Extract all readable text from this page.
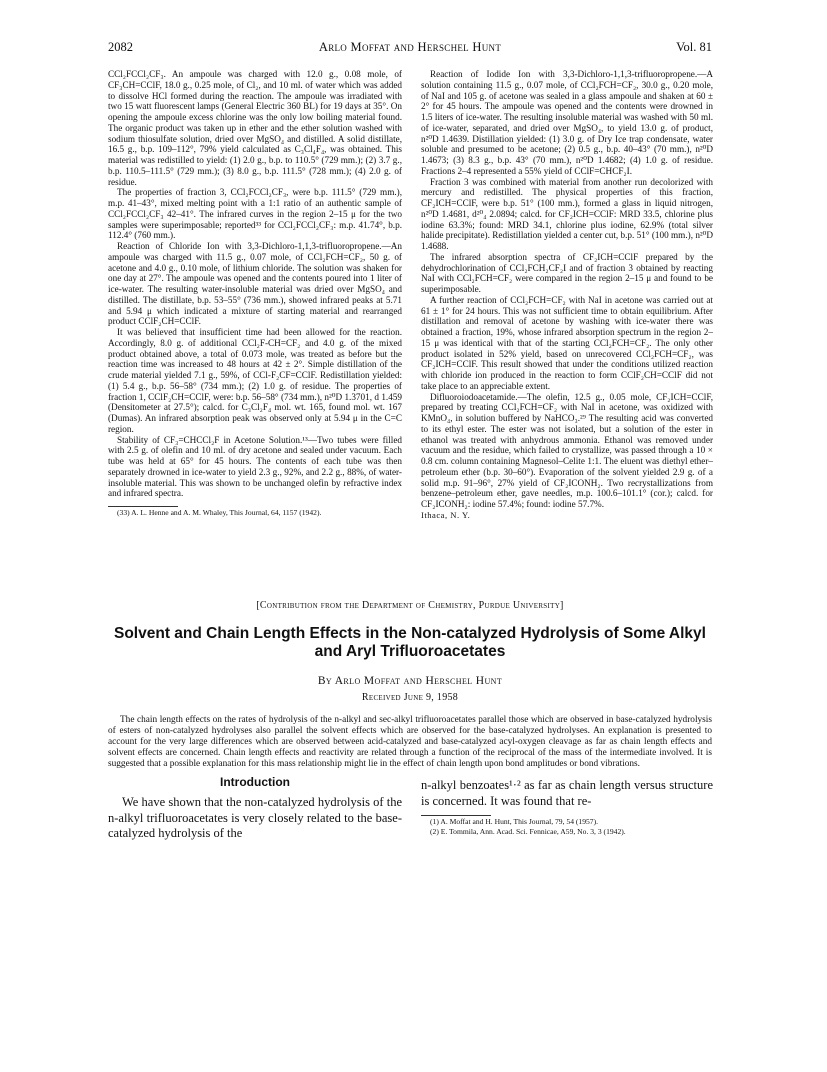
2082	Arlo Moffat and Herschel Hunt	Vol. 81

CCl₂FCCl₂CF₃. An ampoule was charged with 12.0 g., 0.08 mole, of CF₃CH=CClF, 18.0 g., 0.25 mole, of Cl₂, and 10 ml. of water which was added to dissolve HCl formed during the reaction. The ampoule was irradiated with two 15 watt fluorescent lamps (General Electric 360 BL) for 19 days at 35°. On opening the ampoule excess chlorine was the only low boiling material found. The organic product was taken up in ether and the ether solution washed with sodium thiosulfate solution, dried over MgSO₄ and distilled. A solid distillate, 16.5 g., b.p. 109–112°, 79% yield calculated as C₃Cl₄F₄, was obtained. This material was redistilled to yield: (1) 2.0 g., b.p. to 110.5° (729 mm.); (2) 3.7 g., b.p. 110.5–111.5° (729 mm.); (3) 8.0 g., b.p. 111.5° (728 mm.); (4) 2.0 g. of residue.

The properties of fraction 3, CCl₂FCCl₂CF₃, were b.p. 111.5° (729 mm.), m.p. 41–43°, mixed melting point with a 1:1 ratio of an authentic sample of CCl₂FCCl₂CF₃ 42–41°. The infrared curves in the region 2–15 μ for the two samples were superimposable; reported³³ for CCl₂FCCl₂CF₃: m.p. 41.74°, b.p. 112.4° (760 mm.).

Reaction of Chloride Ion with 3,3-Dichloro-1,1,3-trifluoropropene.—An ampoule was charged with 11.5 g., 0.07 mole, of CCl₂FCH=CF₂, 50 g. of acetone and 4.0 g., 0.10 mole, of lithium chloride. The solution was shaken for one day at 27°. The ampoule was opened and the contents poured into 1 liter of ice-water. The resulting water-insoluble material was dried over MgSO₄ and distilled. The distillate, b.p. 53–55° (736 mm.), showed infrared peaks at 5.71 and 5.94 μ which indicated a mixture of starting material and rearranged product CClF₂CH=CClF.

It was believed that insufficient time had been allowed for the reaction. Accordingly, 8.0 g. of additional CCl₂F-CH=CF₂ and 4.0 g. of the mixed product obtained above, a total of 0.073 mole, was treated as before but the reaction time was increased to 48 hours at 42 ± 2°. Simple distillation of the crude material yielded 7.1 g., 59%, of CCl-F₂CF=CClF. Redistillation yielded: (1) 5.4 g., b.p. 56–58° (734 mm.); (2) 1.0 g. of residue. The properties of fraction 1, CClF₂CH=CClF, were: b.p. 56–58° (734 mm.), n²⁰D 1.3701, d 1.459 (Densitometer at 27.5°); calcd. for C₃Cl₂F₄ mol. wt. 165, found mol. wt. 167 (Dumas). An infrared absorption peak was observed only at 5.94 μ in the C=C region.

Stability of CF₃=CHCCl₂F in Acetone Solution.¹³—Two tubes were filled with 2.5 g. of olefin and 10 ml. of dry acetone and sealed under vacuum. Each tube was held at 65° for 45 hours. The contents of each tube was then separately drowned in ice-water to yield 2.3 g., 92%, and 2.2 g., 88%, of water-insoluble material. This was shown to be unchanged olefin by refractive index and infrared spectra.

(33) A. L. Henne and A. M. Whaley, This Journal, 64, 1157 (1942).

Reaction of Iodide Ion with 3,3-Dichloro-1,1,3-trifluoropropene.—A solution containing 11.5 g., 0.07 mole, of CCl₂FCH=CF₂, 30.0 g., 0.20 mole, of NaI and 105 g. of acetone was sealed in a glass ampoule and shaken at 60 ± 2° for 45 hours. The ampoule was opened and the contents were drowned in 1.5 liters of ice-water. The resulting insoluble material was washed with 50 ml. of ice-water, separated, and dried over MgSO₄, to yield 13.0 g. of product, n²⁰D 1.4639. Distillation yielded: (1) 3.0 g. of Dry Ice trap condensate, water soluble and presumed to be acetone; (2) 0.5 g., b.p. 40–43° (70 mm.), n²⁰D 1.4673; (3) 8.3 g., b.p. 43° (70 mm.), n²⁰D 1.4682; (4) 1.0 g. of residue. Fractions 2–4 represented a 55% yield of CClF=CHCF₂I.

Fraction 3 was combined with material from another run decolorized with mercury and redistilled. The physical properties of this fraction, CF₂ICH=CClF, were b.p. 51° (100 mm.), formed a glass in liquid nitrogen, n²⁰D 1.4681, d²⁰₄ 2.0894; calcd. for CF₂ICH=CClF: MRD 33.5, chlorine plus iodine 63.3%; found: MRD 34.1, chlorine plus iodine, 62.9% (total silver halide precipitate). Redistillation yielded a center cut, b.p. 51° (100 mm.), n²⁰D 1.4688.

The infrared absorption spectra of CF₂ICH=CClF prepared by the dehydrochlorination of CCl₂FCH₂CF₂I and of fraction 3 obtained by reacting NaI with CCl₂FCH=CF₂ were compared in the region 2–15 μ and found to be superimposable.

A further reaction of CCl₂FCH=CF₂ with NaI in acetone was carried out at 61 ± 1° for 24 hours. This was not sufficient time to obtain equilibrium. After distillation and removal of acetone by washing with ice-water there was obtained a fraction, 19%, whose infrared absorption spectrum in the region 2–15 μ was identical with that of the starting CCl₂FCH=CF₂. The only other product isolated in 52% yield, based on unrecovered CCl₂FCH=CF₂, was CF₂ICH=CClF. This result showed that under the conditions utilized reaction with chloride ion produced in the reaction to form CClF₂CH=CClF did not take place to an appreciable extent.

Difluoroiodoacetamide.—The olefin, 12.5 g., 0.05 mole, CF₂ICH=CClF, prepared by treating CCl₂FCH=CF₂ with NaI in acetone, was oxidized with KMnO₄, in solution buffered by NaHCO₃.²⁹ The resulting acid was converted to its ethyl ester. The ester was not isolated, but a solution of the ester in ethanol was treated with anhydrous ammonia. Ethanol was removed under vacuum and the residue, which failed to crystallize, was passed through a 10 × 0.8 cm. column containing Magnesol–Celite 1:1. The eluent was diethyl ether–petroleum ether (b.p. 30–60°). Evaporation of the solvent yielded 2.9 g. of a solid m.p. 91–96°, 27% yield of CF₂ICONH₂. Two recrystallizations from benzene–petroleum ether, gave needles, m.p. 100.6–101.1° (cor.); calcd. for CF₂ICONH₂: iodine 57.4%; found: iodine 57.7%.

Ithaca, N. Y.

[Contribution from the Department of Chemistry, Purdue University]
Solvent and Chain Length Effects in the Non-catalyzed Hydrolysis of Some Alkyl and Aryl Trifluoroacetates
By Arlo Moffat and Herschel Hunt
Received June 9, 1958
The chain length effects on the rates of hydrolysis of the n-alkyl and sec-alkyl trifluoroacetates parallel those which are observed in base-catalyzed hydrolysis of esters of non-catalyzed hydrolyses also parallel the solvent effects which are observed for the base-catalyzed hydrolyses. An explanation is presented to account for the very large differences which are observed between acid-catalyzed and base-catalyzed acyl-oxygen cleavage as far as chain length effects and solvent effects are concerned. Chain length effects and reactivity are related through a function of the reciprocal of the mass of the intermediate involved. It is suggested that a possible explanation for this mass relationship might lie in the effect of chain length upon bond amplitudes or bond vibrations.
Introduction

We have shown that the non-catalyzed hydrolysis of the n-alkyl trifluoroacetates is very closely related to the base-catalyzed hydrolysis of the

n-alkyl benzoates¹·² as far as chain length versus structure is concerned. It was found that re-

(1) A. Moffat and H. Hunt, This Journal, 79, 54 (1957).

(2) E. Tommila, Ann. Acad. Sci. Fennicae, A59, No. 3, 3 (1942).
